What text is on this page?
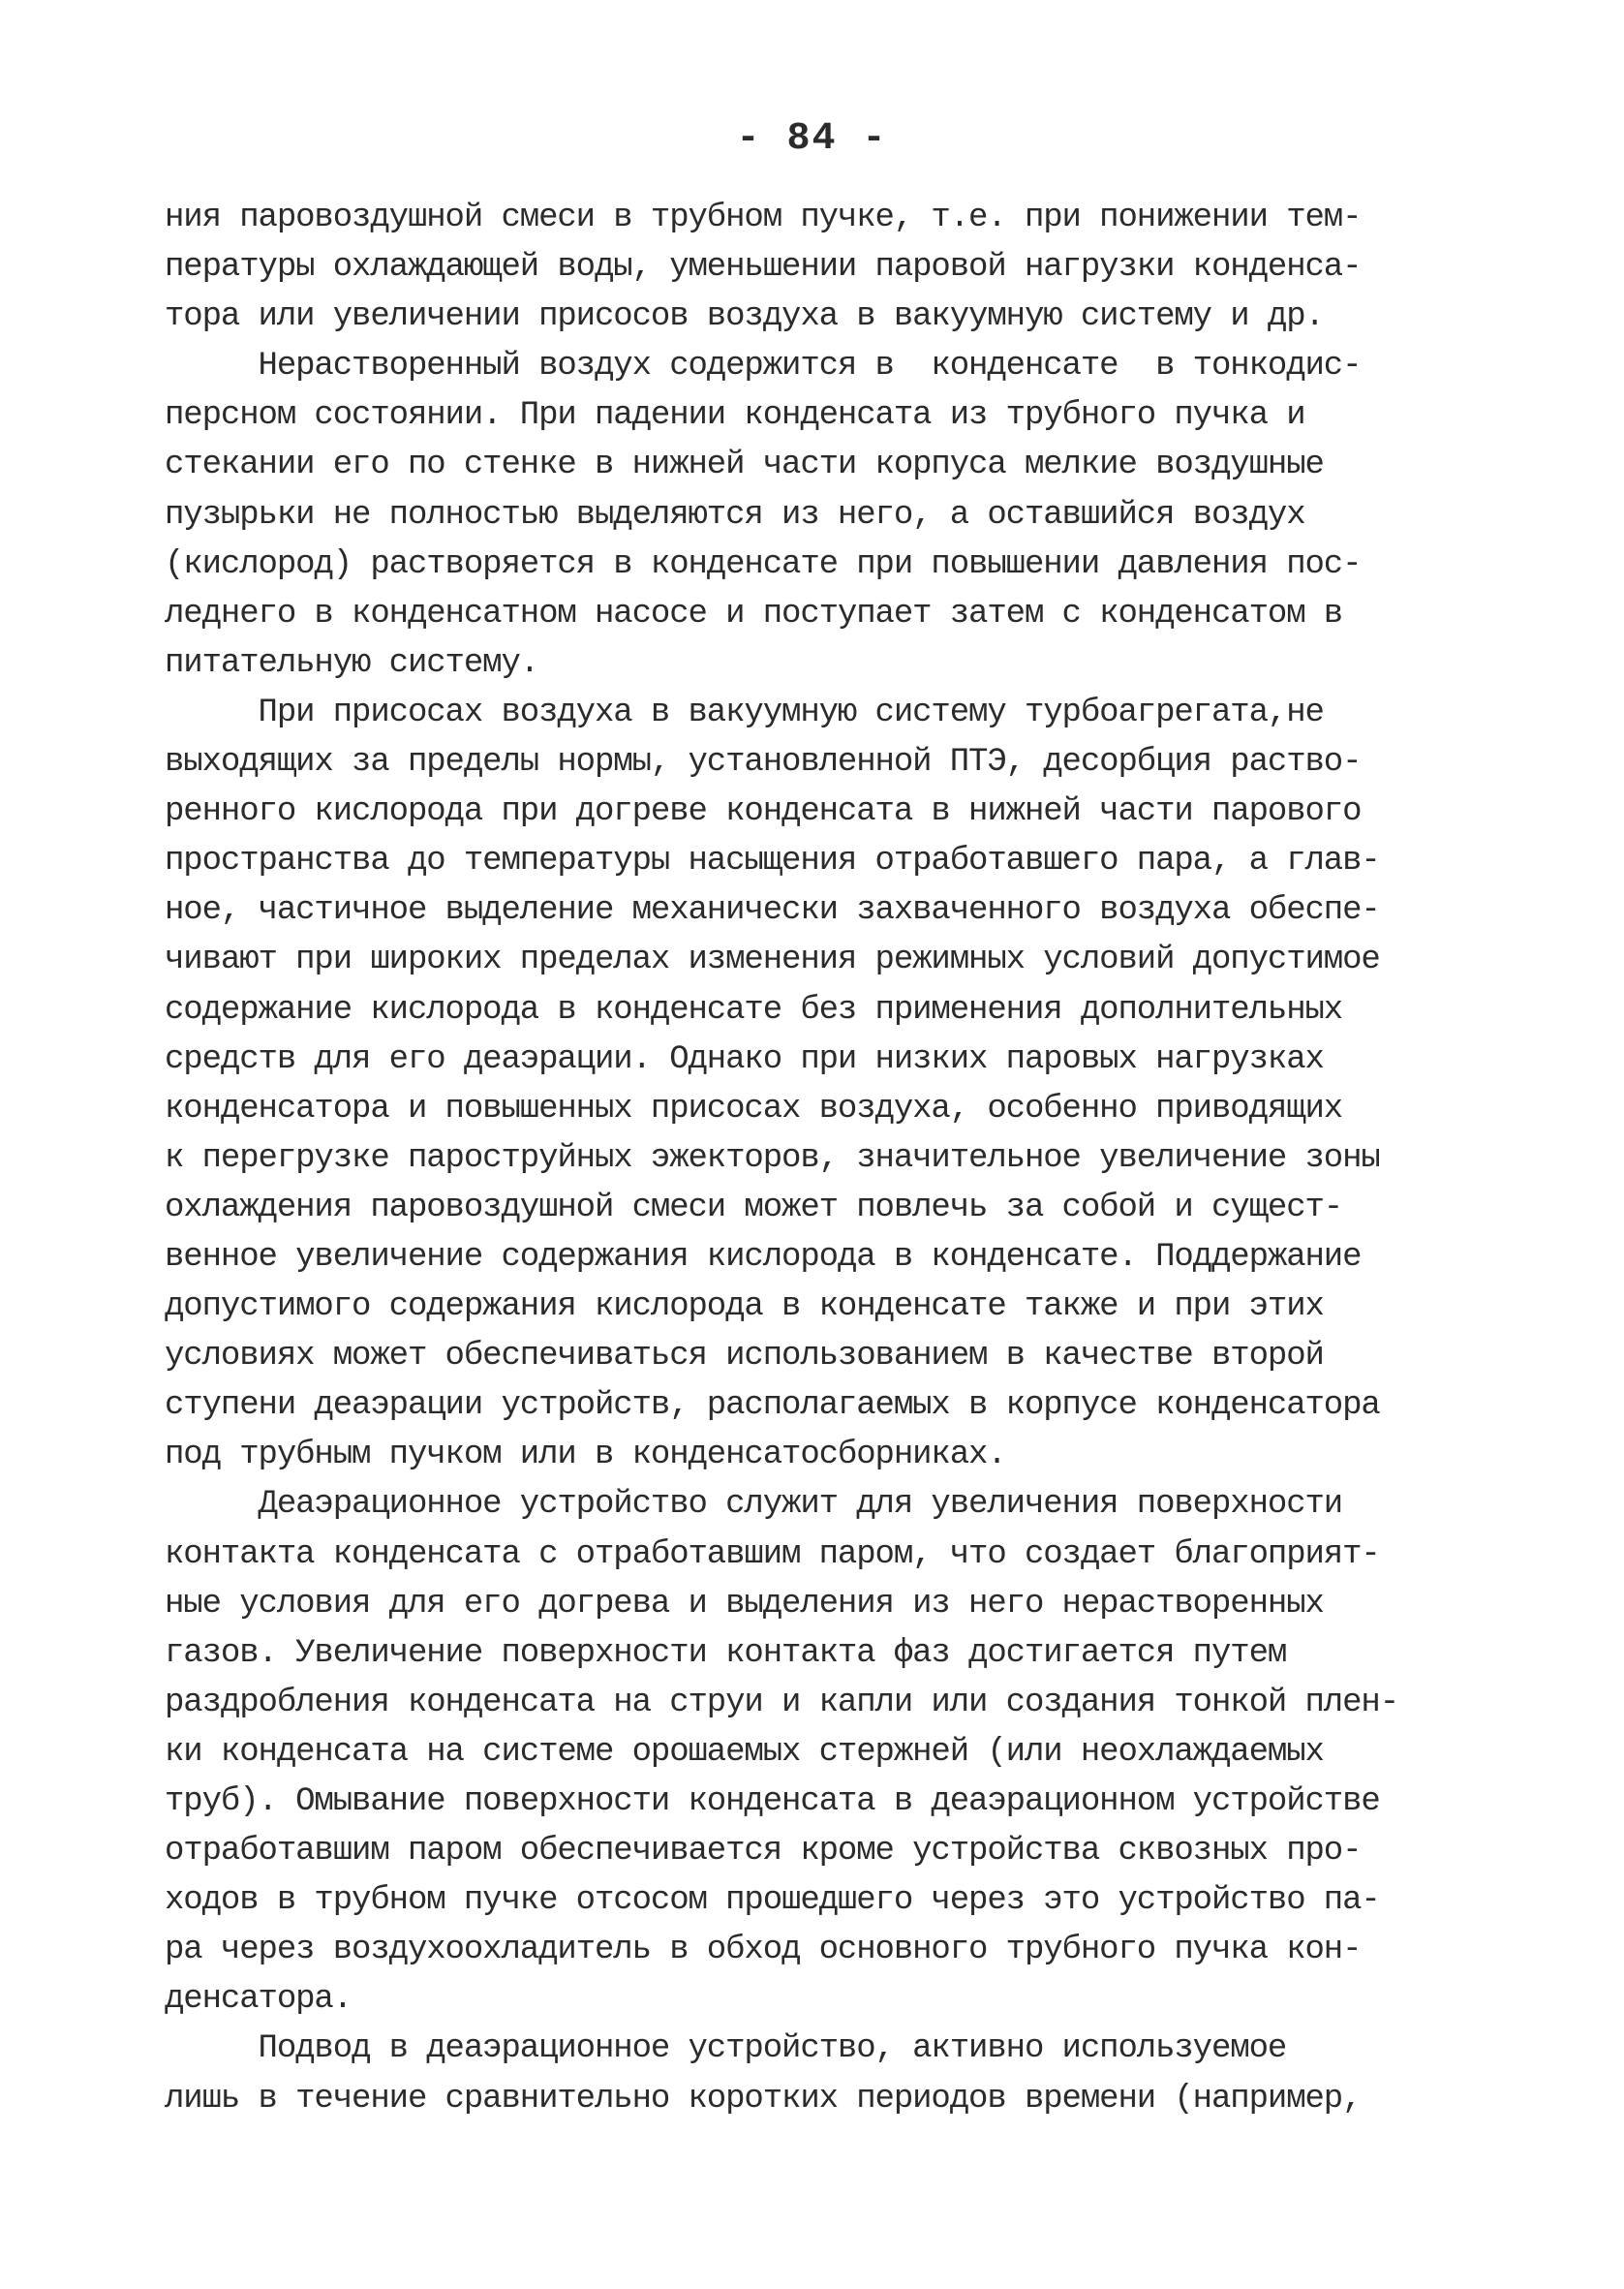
- 84 -
ния паровоздушной смеси в трубном пучке, т.е. при понижении тем-
пературы охлаждающей воды, уменьшении паровой нагрузки конденса-
тора или увеличении присосов воздуха в вакуумную систему и др.
Нерастворенный воздух содержится в  конденсате  в тонкодис-
персном состоянии. При падении конденсата из трубного пучка и
стекании его по стенке в нижней части корпуса мелкие воздушные
пузырьки не полностью выделяются из него, а оставшийся воздух
(кислород) растворяется в конденсате при повышении давления пос-
леднего в конденсатном насосе и поступает затем с конденсатом в
питательную систему.
При присосах воздуха в вакуумную систему турбоагрегата,не
выходящих за пределы нормы, установленной ПТЭ, десорбция раство-
ренного кислорода при догреве конденсата в нижней части парового
пространства до температуры насыщения отработавшего пара, а глав-
ное, частичное выделение механически захваченного воздуха обеспе-
чивают при широких пределах изменения режимных условий допустимое
содержание кислорода в конденсате без применения дополнительных
средств для его деаэрации. Однако при низких паровых нагрузках
конденсатора и повышенных присосах воздуха, особенно приводящих
к перегрузке пароструйных эжекторов, значительное увеличение зоны
охлаждения паровоздушной смеси может повлечь за собой и сущест-
венное увеличение содержания кислорода в конденсате. Поддержание
допустимого содержания кислорода в конденсате также и при этих
условиях может обеспечиваться использованием в качестве второй
ступени деаэрации устройств, располагаемых в корпусе конденсатора
под трубным пучком или в конденсатосборниках.
Деаэрационное устройство служит для увеличения поверхности
контакта конденсата с отработавшим паром, что создает благоприят-
ные условия для его догрева и выделения из него нерастворенных
газов. Увеличение поверхности контакта фаз достигается путем
раздробления конденсата на струи и капли или создания тонкой плен-
ки конденсата на системе орошаемых стержней (или неохлаждаемых
труб). Омывание поверхности конденсата в деаэрационном устройстве
отработавшим паром обеспечивается кроме устройства сквозных про-
ходов в трубном пучке отсосом прошедшего через это устройство па-
ра через воздухоохладитель в обход основного трубного пучка кон-
денсатора.
Подвод в деаэрационное устройство, активно используемое
лишь в течение сравнительно коротких периодов времени (например,
